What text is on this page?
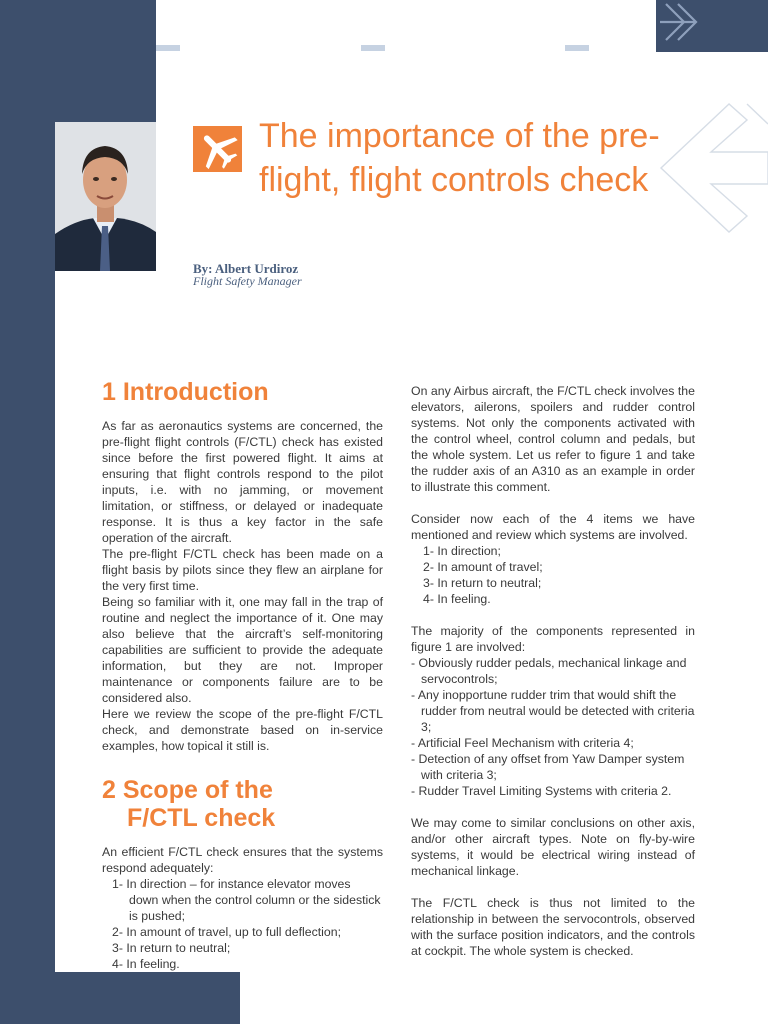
The importance of the pre-flight, flight controls check
By: Albert Urdiroz
Flight Safety Manager
1 Introduction

As far as aeronautics systems are concerned, the pre-flight flight controls (F/CTL) check has existed since before the first powered flight. It aims at ensuring that flight controls respond to the pilot inputs, i.e. with no jamming, or movement limitation, or stiffness, or delayed or inadequate response. It is thus a key factor in the safe operation of the aircraft.

The pre-flight F/CTL check has been made on a flight basis by pilots since they flew an airplane for the very first time.

Being so familiar with it, one may fall in the trap of routine and neglect the importance of it. One may also believe that the aircraft’s self-monitoring capabilities are sufficient to provide the adequate information, but they are not. Improper maintenance or components failure are to be considered also.

Here we review the scope of the pre-flight F/CTL check, and demonstrate based on in-service examples, how topical it still is.

2 Scope of the
F/CTL check

An efficient F/CTL check ensures that the systems respond adequately:

1- In direction – for instance elevator moves down when the control column or the sidestick is pushed;
2- In amount of travel, up to full deflection;
3- In return to neutral;
4- In feeling.

On any Airbus aircraft, the F/CTL check involves the elevators, ailerons, spoilers and rudder control systems. Not only the components activated with the control wheel, control column and pedals, but the whole system. Let us refer to figure 1 and take the rudder axis of an A310 as an example in order to illustrate this comment.

Consider now each of the 4 items we have mentioned and review which systems are involved.

1- In direction;
2- In amount of travel;
3- In return to neutral;
4- In feeling.

The majority of the components represented in figure 1 are involved:

- Obviously rudder pedals, mechanical linkage and servocontrols;
- Any inopportune rudder trim that would shift the rudder from neutral would be detected with criteria 3;
- Artificial Feel Mechanism with criteria 4;
- Detection of any offset from Yaw Damper system with criteria 3;
- Rudder Travel Limiting Systems with criteria 2.

We may come to similar conclusions on other axis, and/or other aircraft types. Note on fly-by-wire systems, it would be electrical wiring instead of mechanical linkage.

The F/CTL check is thus not limited to the relationship in between the servocontrols, observed with the surface position indicators, and the controls at cockpit. The whole system is checked.
